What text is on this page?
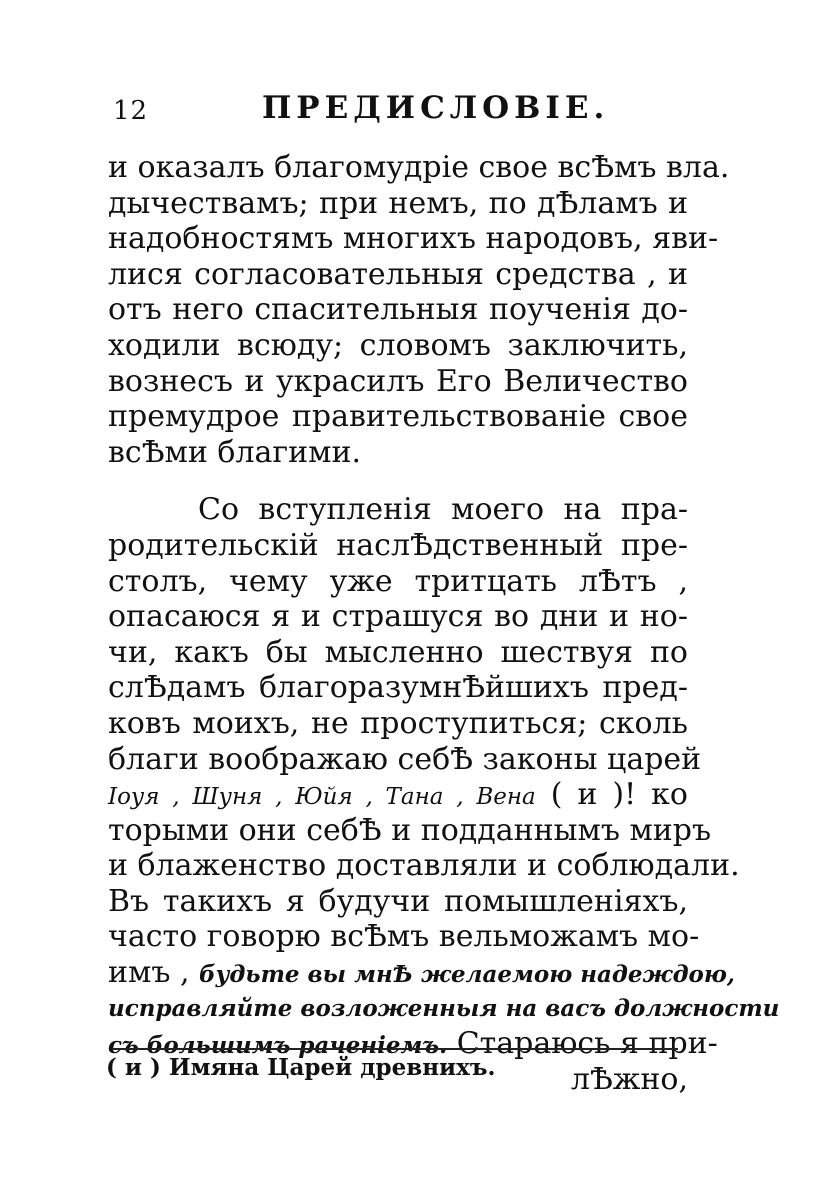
12	ПРЕДИСЛОВІЕ.
и оказалъ благомудріе свое всѢмъ вла.
дычествамъ; при немъ, по дѢламъ и
надобностямъ многихъ народовъ, яви-
лися согласовательныя средства , и
отъ него спасительныя поученія до-
ходили всюду; словомъ заключить,
вознесъ и украсилъ Его Величество
премудрое правительствованіе свое
всѢми благими.
Со вступленія моего на пра-
родительскій наслѢдственный пре-
столъ, чему уже тритцать лѢтъ ,
опасаюся я и страшуся во дни и но-
чи, какъ бы мысленно шествуя по
слѢдамъ благоразумнѢйшихъ пред-
ковъ моихъ, не проступиться; сколь
благи воображаю себѢ законы царей
Іоуя , Шуня , Юйя , Тана , Вена ( и )! ко
торыми они себѢ и подданнымъ миръ
и блаженство доставляли и соблюдали.
Въ такихъ я будучи помышленіяхъ,
часто говорю всѢмъ вельможамъ мо-
имъ , будьте вы мнѢ желаемою надеждою,
исправляйте возложенныя на васъ должности
съ большимъ раченіемъ. Стараюсь я при-
лѢжно,
( и ) Имяна Царей древнихъ.
